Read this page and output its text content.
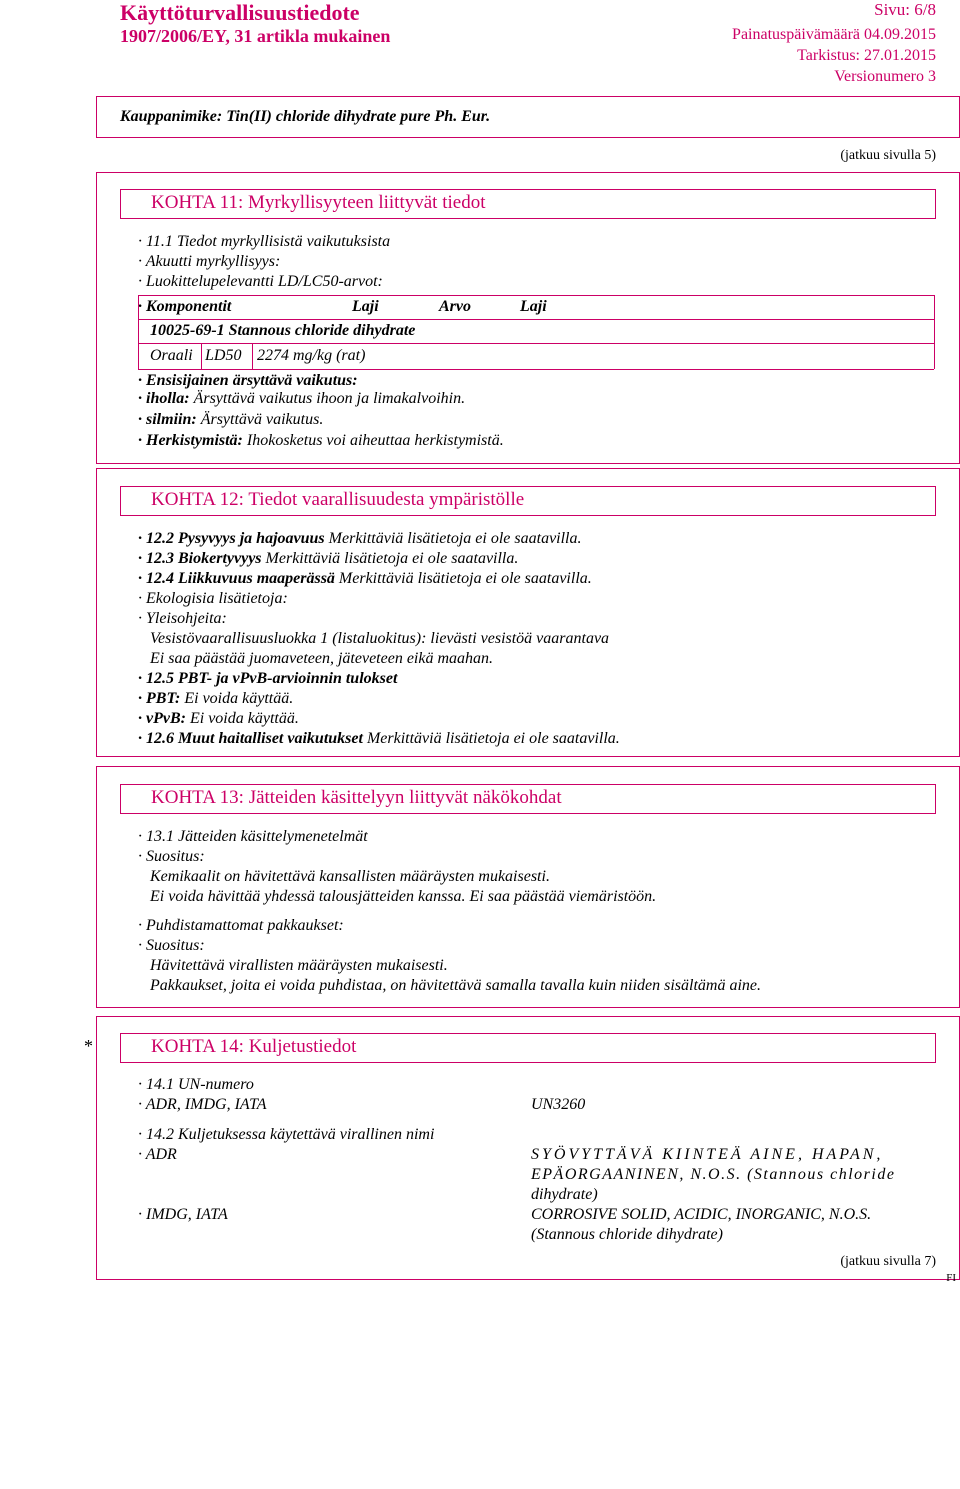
Käyttöturvallisuustiedote
1907/2006/EY, 31 artikla mukainen
Sivu: 6/8
Painatuspäivämäärä 04.09.2015
Tarkistus: 27.01.2015
Versionumero 3
Kauppanimike: Tin(II) chloride dihydrate pure Ph. Eur.
(jatkuu sivulla 5)
KOHTA 11: Myrkyllisyyteen liittyvät tiedot
· 11.1 Tiedot myrkyllisistä vaikutuksista
· Akuutti myrkyllisyys:
· Luokitteluрelevantti LD/LC50-arvot:
· Komponentit	Laji	Arvo	Laji
10025-69-1 Stannous chloride dihydrate
Oraali LD50 2274 mg/kg (rat)
· Ensisijainen ärsyttävä vaikutus:
· iholla: Ärsyttävä vaikutus ihoon ja limakalvoihin.
· silmiin: Ärsyttävä vaikutus.
· Herkistymistä: Ihokosketus voi aiheuttaa herkistymistä.
KOHTA 12: Tiedot vaarallisuudesta ympäristölle
· 12.2 Pysyvyys ja hajoavuus Merkittäviä lisätietoja ei ole saatavilla.
· 12.3 Biokertyvyys Merkittäviä lisätietoja ei ole saatavilla.
· 12.4 Liikkuvuus maaperässä Merkittäviä lisätietoja ei ole saatavilla.
· Ekologisia lisätietoja:
· Yleisohjeita:
Vesistövaarallisuusluokka 1 (listaluokitus): lievästi vesistöä vaarantava
Ei saa päästää juomaveteen, jäteveteen eikä maahan.
· 12.5 PBT- ja vPvB-arvioinnin tulokset
· PBT: Ei voida käyttää.
· vPvB: Ei voida käyttää.
· 12.6 Muut haitalliset vaikutukset Merkittäviä lisätietoja ei ole saatavilla.
KOHTA 13: Jätteiden käsittelyyn liittyvät näkökohdat
· 13.1 Jätteiden käsittelymenetelmät
· Suositus:
Kemikaalit on hävitettävä kansallisten määräysten mukaisesti.
Ei voida hävittää yhdessä talousjätteiden kanssa. Ei saa päästää viemäristöön.
· Puhdistamattomat pakkaukset:
· Suositus:
Hävitettävä virallisten määräysten mukaisesti.
Pakkaukset, joita ei voida puhdistaa, on hävitettävä samalla tavalla kuin niiden sisältämä aine.
*	KOHTA 14: Kuljetustiedot
· 14.1 UN-numero
· ADR, IMDG, IATA	UN3260
· 14.2 Kuljetuksessa käytettävä virallinen nimi
· ADR	SYÖVYTTÄVÄ KIINTEÄ AINE, HAPAN,
EPÄORGAANINEN, N.O.S. (Stannous chloride
dihydrate)
· IMDG, IATA	CORROSIVE SOLID, ACIDIC, INORGANIC, N.O.S.
(Stannous chloride dihydrate)
(jatkuu sivulla 7)
FI
